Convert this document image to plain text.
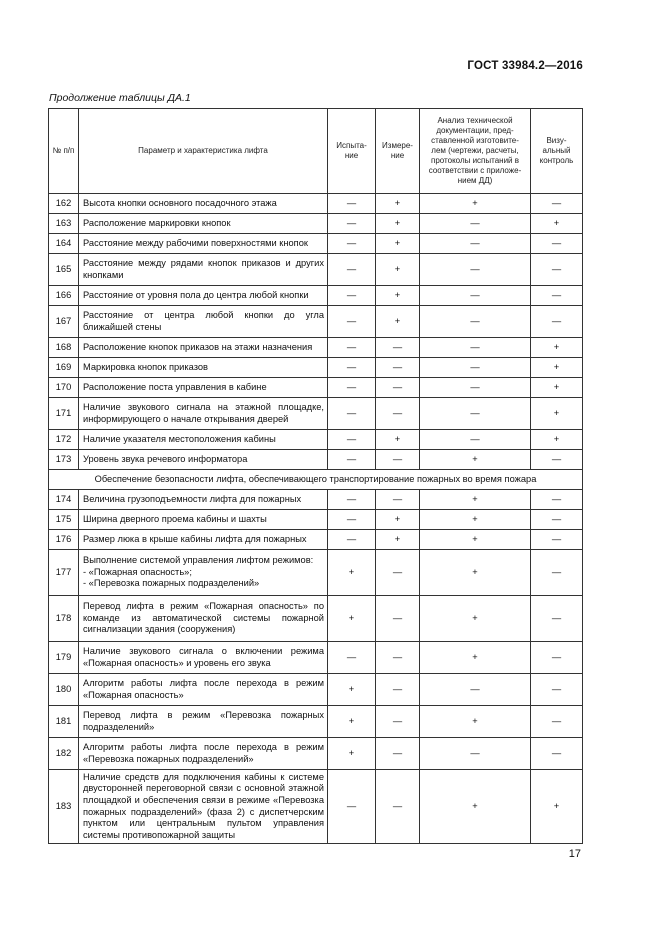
ГОСТ 33984.2—2016
Продолжение таблицы ДА.1
№ п/п	Параметр и характеристика лифта	Испыта- ние	Измере- ние	Анализ технической документации, пред- ставленной изготовите- лем (чертежи, расчеты, протоколы испытаний в соответствии с приложе- нием ДД)	Визу- альный контроль
162	Высота кнопки основного посадочного этажа	—	+	+	—
163	Расположение маркировки кнопок	—	+	—	+
164	Расстояние между рабочими поверхностями кнопок	—	+	—	—
165	Расстояние между рядами кнопок приказов и других кнопками	—	+	—	—
166	Расстояние от уровня пола до центра любой кнопки	—	+	—	—
167	Расстояние от центра любой кнопки до угла ближайшей стены	—	+	—	—
168	Расположение кнопок приказов на этажи назначения	—	—	—	+
169	Маркировка кнопок приказов	—	—	—	+
170	Расположение поста управления в кабине	—	—	—	+
171	Наличие звукового сигнала на этажной площадке, информирующего о начале открывания дверей	—	—	—	+
172	Наличие указателя местоположения кабины	—	+	—	+
173	Уровень звука речевого информатора	—	—	+	—
Обеспечение безопасности лифта, обеспечивающего транспортирование пожарных во время пожара					
174	Величина грузоподъемности лифта для пожарных	—	—	+	—
175	Ширина дверного проема кабины и шахты	—	+	+	—
176	Размер люка в крыше кабины лифта для пожарных	—	+	+	—
177	Выполнение системой управления лифтом режимов:
- «Пожарная опасность»;
- «Перевозка пожарных подразделений»	+	—	+	—
178	Перевод лифта в режим «Пожарная опасность» по команде из автоматической системы пожарной сигнализации здания (сооружения)	+	—	+	—
179	Наличие звукового сигнала о включении режима «Пожарная опасность» и уровень его звука	—	—	+	—
180	Алгоритм работы лифта после перехода в режим «Пожарная опасность»	+	—	—	—
181	Перевод лифта в режим «Перевозка пожарных подразделений»	+	—	+	—
182	Алгоритм работы лифта после перехода в режим «Перевозка пожарных подразделений»	+	—	—	—
183	Наличие средств для подключения кабины к системе двусторонней переговорной связи с основной этажной площадкой и обеспечения связи в режиме «Перевозка пожарных подразделений» (фаза 2) с диспетчерским пунктом или центральным пультом управления системы противопожарной защиты	—	—	+	+
17
